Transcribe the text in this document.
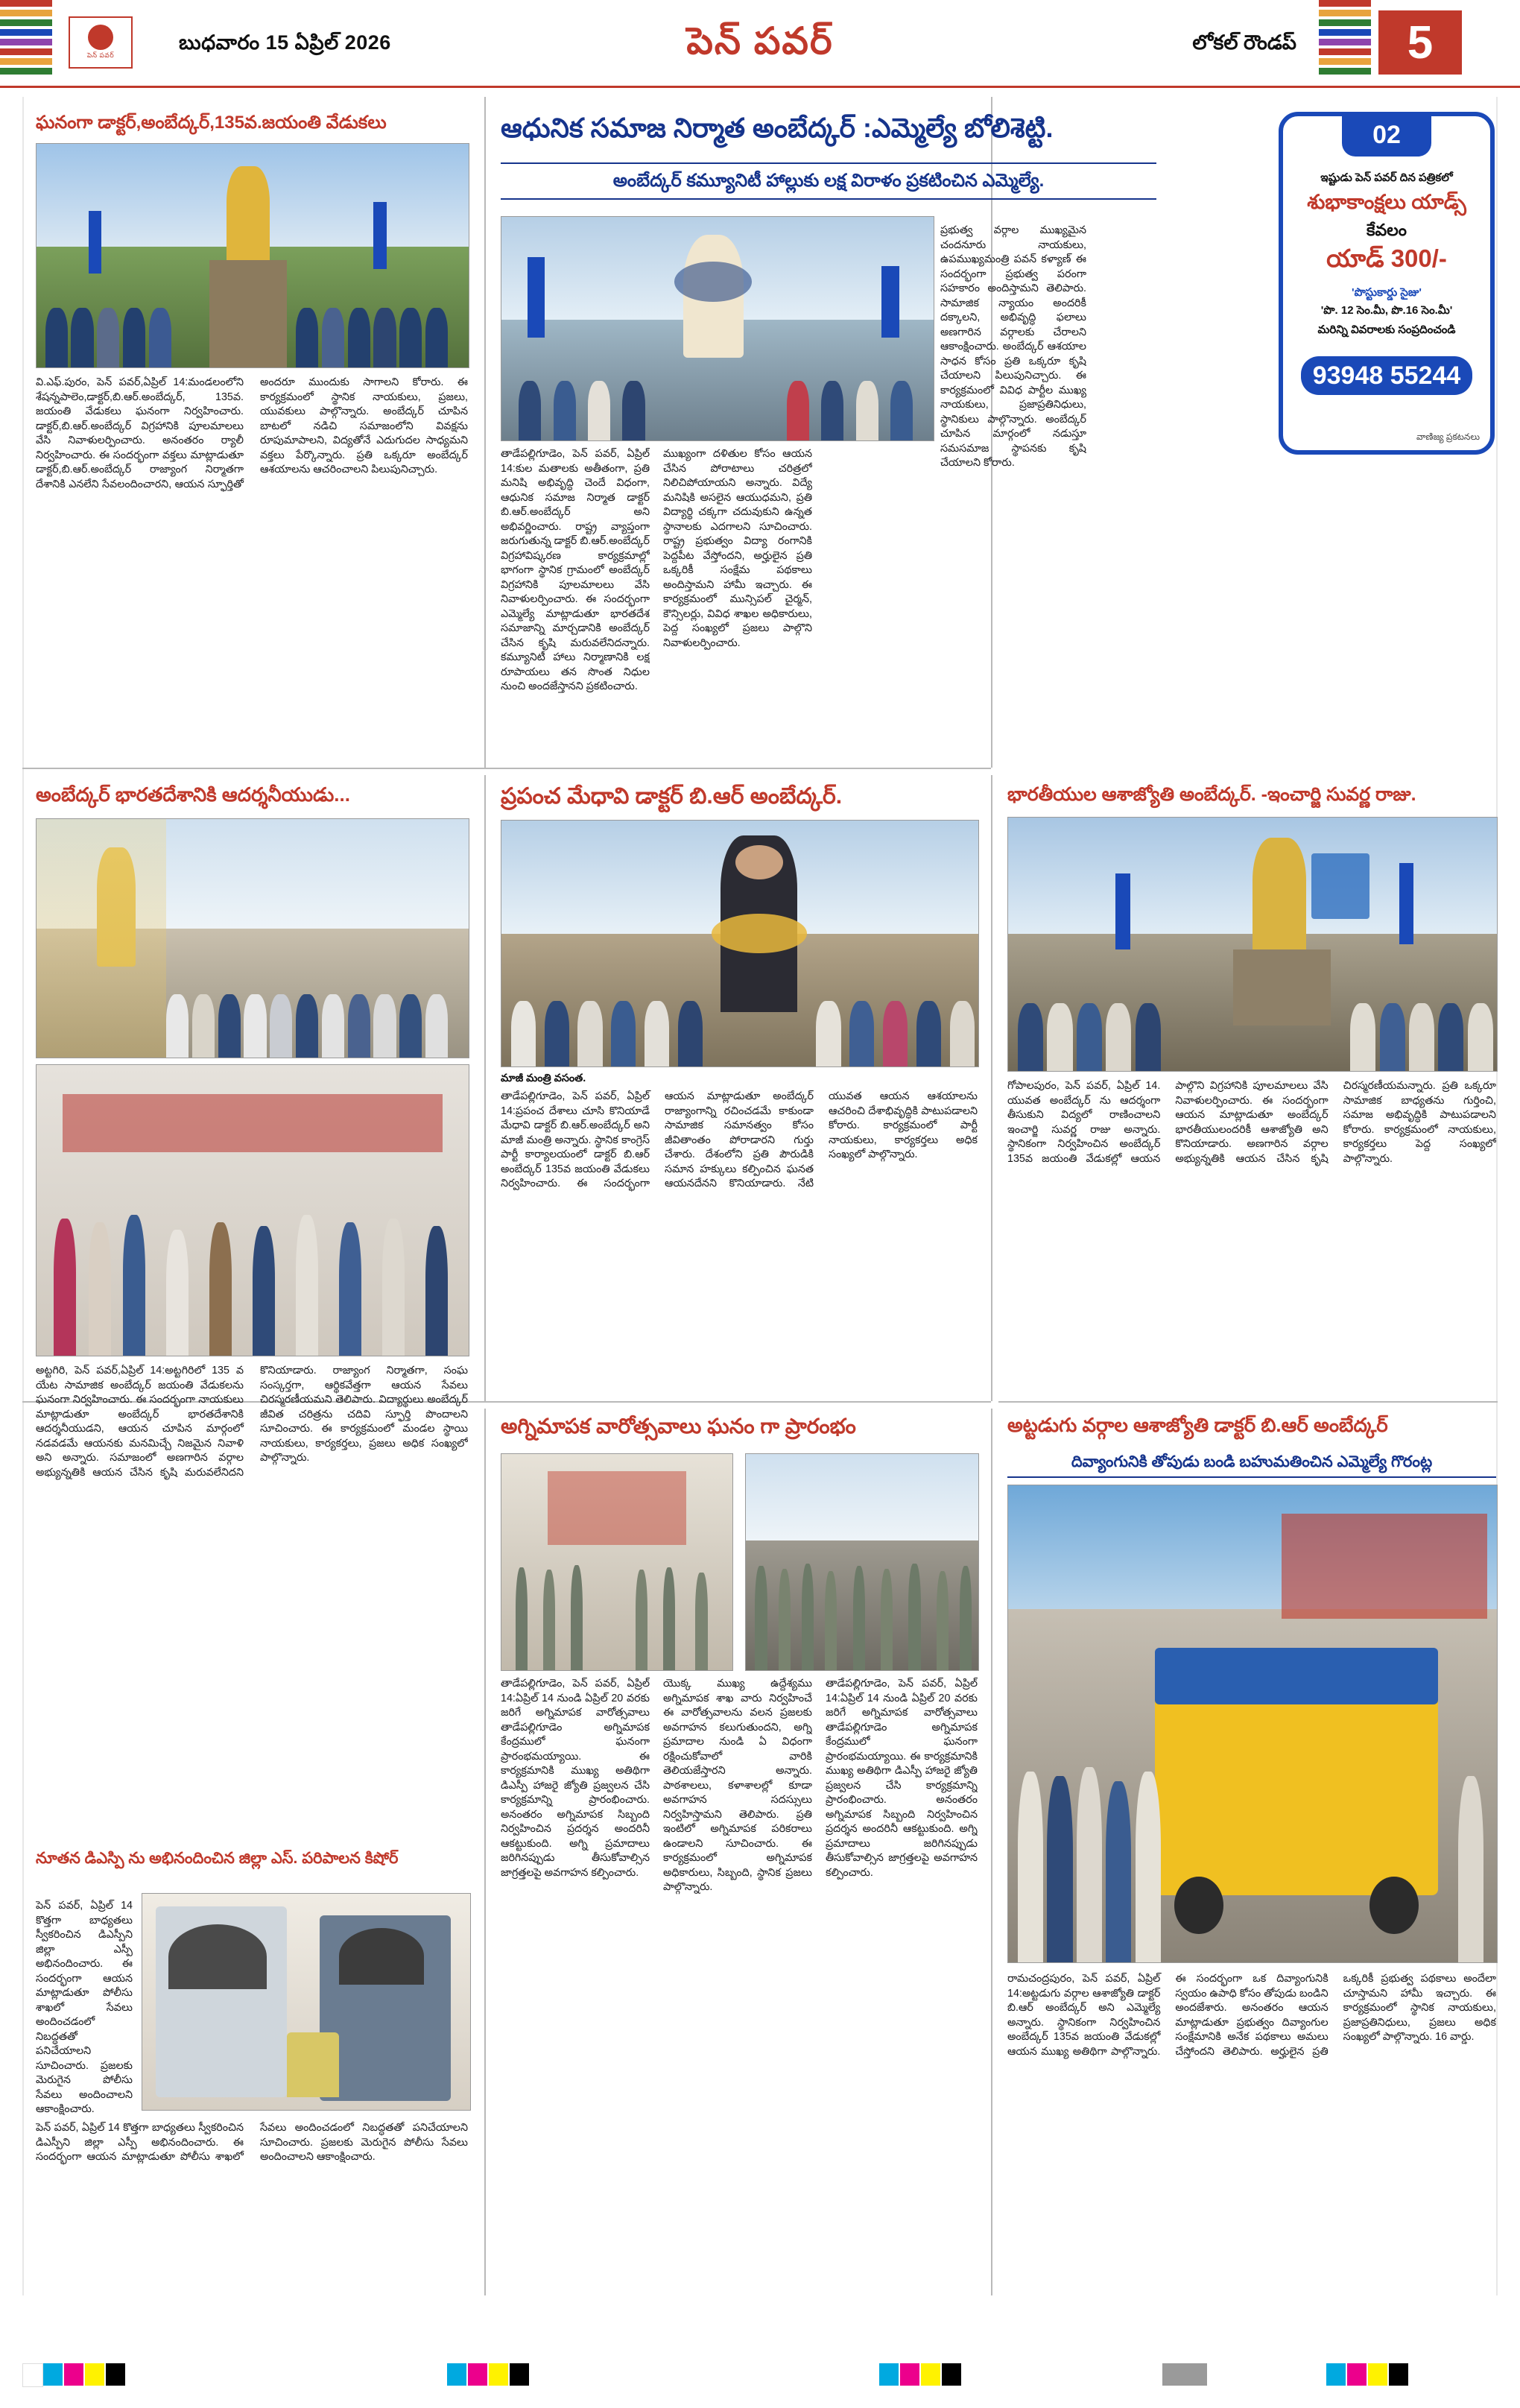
పెన్ పవర్
బుధవారం 15 ఏప్రిల్ 2026	పెన్ పవర్	లోకల్ రౌండప్	5
ఘనంగా డాక్టర్,అంబేద్కర్,135వ.జయంతి వేడుకలు
వి.ఎఫ్.పురం, పెన్ పవర్,ఏప్రిల్ 14:మండలంలోని శేషన్నపాలెం,డాక్టర్,బి.ఆర్.అంబేద్కర్, 135వ. జయంతి వేడుకలు ఘనంగా నిర్వహించారు. డాక్టర్,బి.ఆర్.అంబేద్కర్ విగ్రహానికి పూలమాలలు వేసి నివాళులర్పించారు. అనంతరం ర్యాలీ నిర్వహించారు. ఈ సందర్భంగా వక్తలు మాట్లాడుతూ డాక్టర్,బి.ఆర్.అంబేద్కర్ రాజ్యాంగ నిర్మాతగా దేశానికి ఎనలేని సేవలందించారని, ఆయన స్ఫూర్తితో అందరూ ముందుకు సాగాలని కోరారు. ఈ కార్యక్రమంలో స్థానిక నాయకులు, ప్రజలు, యువకులు పాల్గొన్నారు. అంబేద్కర్ చూపిన బాటలో నడిచి సమాజంలోని వివక్షను రూపుమాపాలని, విద్యతోనే ఎదుగుదల సాధ్యమని వక్తలు పేర్కొన్నారు. ప్రతి ఒక్కరూ అంబేద్కర్ ఆశయాలను ఆచరించాలని పిలుపునిచ్చారు.
అంబేద్కర్ భారతదేశానికి ఆదర్శనీయుడు...
అట్టగిరి, పెన్ పవర్,ఏప్రిల్ 14:అట్టగిరిలో 135 వ యేట సామాజిక అంబేద్కర్ జయంతి వేడుకలను ఘనంగా నిర్వహించారు. ఈ సందర్భంగా నాయకులు మాట్లాడుతూ అంబేద్కర్ భారతదేశానికి ఆదర్శనీయుడని, ఆయన చూపిన మార్గంలో నడవడమే ఆయనకు మనమిచ్చే నిజమైన నివాళి అని అన్నారు. సమాజంలో అణగారిన వర్గాల అభ్యున్నతికి ఆయన చేసిన కృషి మరువలేనిదని కొనియాడారు. రాజ్యాంగ నిర్మాతగా, సంఘ సంస్కర్తగా, ఆర్థికవేత్తగా ఆయన సేవలు చిరస్మరణీయమని తెలిపారు. విద్యార్థులు అంబేద్కర్ జీవిత చరిత్రను చదివి స్ఫూర్తి పొందాలని సూచించారు. ఈ కార్యక్రమంలో మండల స్థాయి నాయకులు, కార్యకర్తలు, ప్రజలు అధిక సంఖ్యలో పాల్గొన్నారు.
నూతన డిఎస్పి ను అభినందించిన జిల్లా ఎస్. పరిపాలన కిషోర్
పెన్ పవర్, ఏప్రిల్ 14 కొత్తగా బాధ్యతలు స్వీకరించిన డిఎస్పీని జిల్లా ఎస్పీ అభినందించారు. ఈ సందర్భంగా ఆయన మాట్లాడుతూ పోలీసు శాఖలో సేవలు అందించడంలో నిబద్ధతతో పనిచేయాలని సూచించారు. ప్రజలకు మెరుగైన పోలీసు సేవలు అందించాలని ఆకాంక్షించారు.
పెన్ పవర్, ఏప్రిల్ 14 కొత్తగా బాధ్యతలు స్వీకరించిన డిఎస్పీని జిల్లా ఎస్పీ అభినందించారు. ఈ సందర్భంగా ఆయన మాట్లాడుతూ పోలీసు శాఖలో సేవలు అందించడంలో నిబద్ధతతో పనిచేయాలని సూచించారు. ప్రజలకు మెరుగైన పోలీసు సేవలు అందించాలని ఆకాంక్షించారు.
ఆధునిక సమాజ నిర్మాత అంబేద్కర్ :ఎమ్మెల్యే బోలిశెట్టి.
అంబేద్కర్ కమ్యూనిటీ హాల్లుకు లక్ష విరాళం ప్రకటించిన ఎమ్మెల్యే.
తాడేపల్లిగూడెం, పెన్ పవర్, ఏప్రిల్ 14:కుల మతాలకు అతీతంగా, ప్రతి మనిషి అభివృద్ధి చెందే విధంగా, ఆధునిక సమాజ నిర్మాత డాక్టర్ బి.ఆర్.అంబేద్కర్ అని అభివర్ణించారు. రాష్ట్ర వ్యాప్తంగా జరుగుతున్న డాక్టర్ బి.ఆర్.అంబేద్కర్ విగ్రహావిష్కరణ కార్యక్రమాల్లో భాగంగా స్థానిక గ్రామంలో అంబేద్కర్ విగ్రహానికి పూలమాలలు వేసి నివాళులర్పించారు. ఈ సందర్భంగా ఎమ్మెల్యే మాట్లాడుతూ భారతదేశ సమాజాన్ని మార్చడానికి అంబేద్కర్ చేసిన కృషి మరువలేనిదన్నారు. కమ్యూనిటీ హాలు నిర్మాణానికి లక్ష రూపాయలు తన సొంత నిధుల నుంచి అందజేస్తానని ప్రకటించారు.
ప్రభుత్వ వర్గాల ముఖ్యమైన చందనూరు నాయకులు, ఉపముఖ్యమంత్రి పవన్ కళ్యాణ్ ఈ సందర్భంగా ప్రభుత్వ పరంగా సహకారం అందిస్తామని తెలిపారు. సామాజిక న్యాయం అందరికీ దక్కాలని, అభివృద్ధి ఫలాలు అణగారిన వర్గాలకు చేరాలని ఆకాంక్షించారు. అంబేద్కర్ ఆశయాల సాధన కోసం ప్రతి ఒక్కరూ కృషి చేయాలని పిలుపునిచ్చారు. ఈ కార్యక్రమంలో వివిధ పార్టీల ముఖ్య నాయకులు, ప్రజాప్రతినిధులు, స్థానికులు పాల్గొన్నారు. అంబేద్కర్ చూపిన మార్గంలో నడుస్తూ సమసమాజ స్థాపనకు కృషి చేయాలని కోరారు.
ముఖ్యంగా దళితుల కోసం ఆయన చేసిన పోరాటాలు చరిత్రలో నిలిచిపోయాయని అన్నారు. విద్యే మనిషికి అసలైన ఆయుధమని, ప్రతి విద్యార్థి చక్కగా చదువుకుని ఉన్నత స్థానాలకు ఎదగాలని సూచించారు. రాష్ట్ర ప్రభుత్వం విద్యా రంగానికి పెద్దపీట వేస్తోందని, అర్హులైన ప్రతి ఒక్కరికీ సంక్షేమ పథకాలు అందిస్తామని హామీ ఇచ్చారు. ఈ కార్యక్రమంలో మున్సిపల్ చైర్మన్, కౌన్సిలర్లు, వివిధ శాఖల అధికారులు, పెద్ద సంఖ్యలో ప్రజలు పాల్గొని నివాళులర్పించారు.
02
ఇష్టుడు పెన్ పవర్ దిన పత్రికలో
శుభాకాంక్షలు యాడ్స్
కేవలం
యాడ్ 300/-
'పొస్టుకార్డు సైజు'
'పొ. 12 సెం.మీ, పొ.16 సెం.మీ'
మరిన్ని వివరాలకు సంప్రదించండి
93948 55244
వాణిజ్య ప్రకటనలు
ప్రపంచ మేధావి డాక్టర్ బి.ఆర్ అంబేద్కర్.
మాజీ మంత్రి వసంత.
తాడేపల్లిగూడెం, పెన్ పవర్, ఏప్రిల్ 14:ప్రపంచ దేశాలు చూసి కొనియాడే మేధావి డాక్టర్ బి.ఆర్.అంబేద్కర్ అని మాజీ మంత్రి అన్నారు. స్థానిక కాంగ్రెస్ పార్టీ కార్యాలయంలో డాక్టర్ బి.ఆర్ అంబేద్కర్ 135వ జయంతి వేడుకలు నిర్వహించారు. ఈ సందర్భంగా ఆయన మాట్లాడుతూ అంబేద్కర్ రాజ్యాంగాన్ని రచించడమే కాకుండా సామాజిక సమానత్వం కోసం జీవితాంతం పోరాడారని గుర్తు చేశారు. దేశంలోని ప్రతి పౌరుడికి సమాన హక్కులు కల్పించిన ఘనత ఆయనదేనని కొనియాడారు. నేటి యువత ఆయన ఆశయాలను ఆచరించి దేశాభివృద్ధికి పాటుపడాలని కోరారు. కార్యక్రమంలో పార్టీ నాయకులు, కార్యకర్తలు అధిక సంఖ్యలో పాల్గొన్నారు.
అగ్నిమాపక వారోత్సవాలు ఘనం గా ప్రారంభం
తాడేపల్లిగూడెం, పెన్ పవర్, ఏప్రిల్ 14:ఏప్రిల్ 14 నుండి ఏప్రిల్ 20 వరకు జరిగే అగ్నిమాపక వారోత్సవాలు తాడేపల్లిగూడెం అగ్నిమాపక కేంద్రములో ఘనంగా ప్రారంభమయ్యాయి. ఈ కార్యక్రమానికి ముఖ్య అతిథిగా డిఎస్పీ హాజరై జ్యోతి ప్రజ్వలన చేసి కార్యక్రమాన్ని ప్రారంభించారు. అనంతరం అగ్నిమాపక సిబ్బంది నిర్వహించిన ప్రదర్శన అందరినీ ఆకట్టుకుంది. అగ్ని ప్రమాదాలు జరిగినప్పుడు తీసుకోవాల్సిన జాగ్రత్తలపై అవగాహన కల్పించారు.
యొక్క ముఖ్య ఉద్దేశ్యము అగ్నిమాపక శాఖ వారు నిర్వహించే ఈ వారోత్సవాలను వలన ప్రజలకు అవగాహన కలుగుతుందని, అగ్ని ప్రమాదాల నుండి ఏ విధంగా రక్షించుకోవాలో వారికి తెలియజేస్తారని అన్నారు. పాఠశాలలు, కళాశాలల్లో కూడా అవగాహన సదస్సులు నిర్వహిస్తామని తెలిపారు. ప్రతి ఇంటిలో అగ్నిమాపక పరికరాలు ఉండాలని సూచించారు. ఈ కార్యక్రమంలో అగ్నిమాపక అధికారులు, సిబ్బంది, స్థానిక ప్రజలు పాల్గొన్నారు.
తాడేపల్లిగూడెం, పెన్ పవర్, ఏప్రిల్ 14:ఏప్రిల్ 14 నుండి ఏప్రిల్ 20 వరకు జరిగే అగ్నిమాపక వారోత్సవాలు తాడేపల్లిగూడెం అగ్నిమాపక కేంద్రములో ఘనంగా ప్రారంభమయ్యాయి. ఈ కార్యక్రమానికి ముఖ్య అతిథిగా డిఎస్పీ హాజరై జ్యోతి ప్రజ్వలన చేసి కార్యక్రమాన్ని ప్రారంభించారు. అనంతరం అగ్నిమాపక సిబ్బంది నిర్వహించిన ప్రదర్శన అందరినీ ఆకట్టుకుంది. అగ్ని ప్రమాదాలు జరిగినప్పుడు తీసుకోవాల్సిన జాగ్రత్తలపై అవగాహన కల్పించారు.
భారతీయుల ఆశాజ్యోతి అంబేద్కర్. -ఇంచార్జి సువర్ణ రాజు.
గోపాలపురం, పెన్ పవర్, ఏప్రిల్ 14. యువత అంబేద్కర్ ను ఆదర్శంగా తీసుకుని విద్యలో రాణించాలని ఇంచార్జి సువర్ణ రాజు అన్నారు. స్థానికంగా నిర్వహించిన అంబేద్కర్ 135వ జయంతి వేడుకల్లో ఆయన పాల్గొని విగ్రహానికి పూలమాలలు వేసి నివాళులర్పించారు. ఈ సందర్భంగా ఆయన మాట్లాడుతూ అంబేద్కర్ భారతీయులందరికీ ఆశాజ్యోతి అని కొనియాడారు. అణగారిన వర్గాల అభ్యున్నతికి ఆయన చేసిన కృషి చిరస్మరణీయమన్నారు. ప్రతి ఒక్కరూ సామాజిక బాధ్యతను గుర్తించి, సమాజ అభివృద్ధికి పాటుపడాలని కోరారు. కార్యక్రమంలో నాయకులు, కార్యకర్తలు పెద్ద సంఖ్యలో పాల్గొన్నారు.
అట్టడుగు వర్గాల ఆశాజ్యోతి డాక్టర్ బి.ఆర్ అంబేద్కర్
దివ్యాంగునికి తోపుడు బండి బహుమతించిన ఎమ్మెల్యే గొరంట్ల
రామచంద్రపురం, పెన్ పవర్, ఏప్రిల్ 14:అట్టడుగు వర్గాల ఆశాజ్యోతి డాక్టర్ బి.ఆర్ అంబేద్కర్ అని ఎమ్మెల్యే అన్నారు. స్థానికంగా నిర్వహించిన అంబేద్కర్ 135వ జయంతి వేడుకల్లో ఆయన ముఖ్య అతిథిగా పాల్గొన్నారు. ఈ సందర్భంగా ఒక దివ్యాంగునికి స్వయం ఉపాధి కోసం తోపుడు బండిని అందజేశారు. అనంతరం ఆయన మాట్లాడుతూ ప్రభుత్వం దివ్యాంగుల సంక్షేమానికి అనేక పథకాలు అమలు చేస్తోందని తెలిపారు. అర్హులైన ప్రతి ఒక్కరికీ ప్రభుత్వ పథకాలు అందేలా చూస్తామని హామీ ఇచ్చారు. ఈ కార్యక్రమంలో స్థానిక నాయకులు, ప్రజాప్రతినిధులు, ప్రజలు అధిక సంఖ్యలో పాల్గొన్నారు. 16 వార్డు.
